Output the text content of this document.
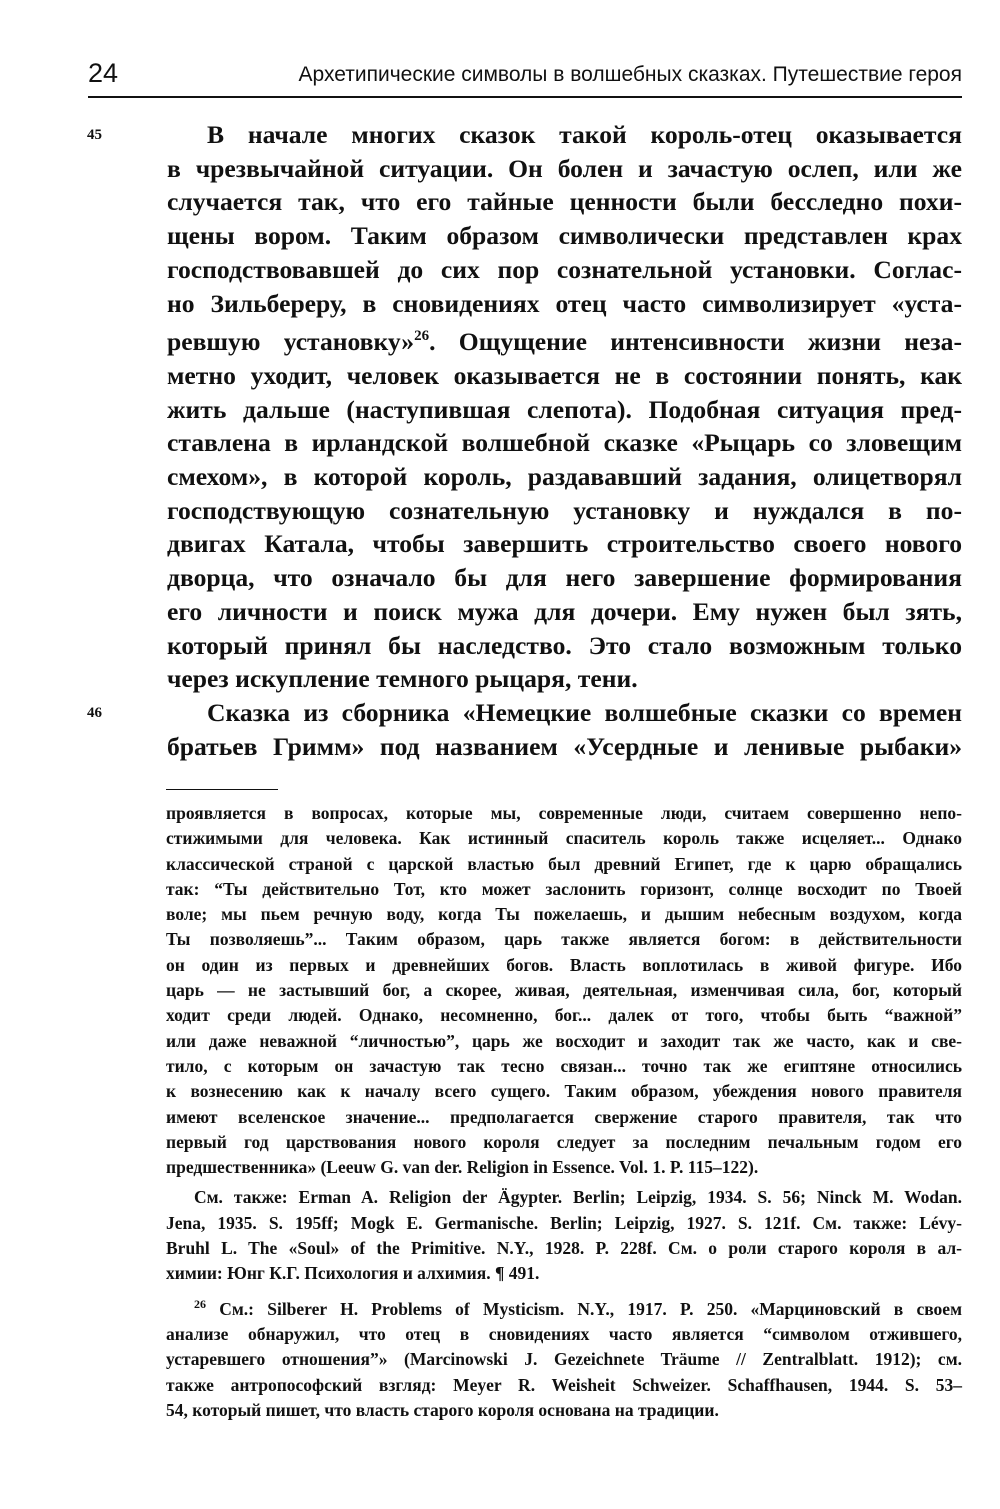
24	Архетипические символы в волшебных сказках. Путешествие героя
45	В начале многих сказок такой король-отец оказывается
в чрезвычайной ситуации. Он болен и зачастую ослеп, или же
случается так, что его тайные ценности были бесследно похи-
щены вором. Таким образом символически представлен крах
господствовавшей до сих пор сознательной установки. Соглас-
но Зильбереру, в сновидениях отец часто символизирует «уста-
ревшую установку»$^{26}$. Ощущение интенсивности жизни неза-
метно уходит, человек оказывается не в состоянии понять, как
жить дальше (наступившая слепота). Подобная ситуация пред-
ставлена в ирландской волшебной сказке «Рыцарь со зловещим
смехом», в которой король, раздававший задания, олицетворял
господствующую сознательную установку и нуждался в по-
двигах Катала, чтобы завершить строительство своего нового
дворца, что означало бы для него завершение формирования
его личности и поиск мужа для дочери. Ему нужен был зять,
который принял бы наследство. Это стало возможным только
через искупление темного рыцаря, тени.
46	Сказка из сборника «Немецкие волшебные сказки со времен
братьев Гримм» под названием «Усердные и ленивые рыбаки»
проявляется в вопросах, которые мы, современные люди, считаем совершенно непо-
стижимыми для человека. Как истинный спаситель король также исцеляет... Однако
классической страной с царской властью был древний Египет, где к царю обращались
так: “Ты действительно Тот, кто может заслонить горизонт, солнце восходит по Твоей
воле; мы пьем речную воду, когда Ты пожелаешь, и дышим небесным воздухом, когда
Ты позволяешь”... Таким образом, царь также является богом: в действительности
он один из первых и древнейших богов. Власть воплотилась в живой фигуре. Ибо
царь — не застывший бог, а скорее, живая, деятельная, изменчивая сила, бог, который
ходит среди людей. Однако, несомненно, бог... далек от того, чтобы быть “важной”
или даже неважной “личностью”, царь же восходит и заходит так же часто, как и све-
тило, с которым он зачастую так тесно связан... точно так же египтяне относились
к вознесению как к началу всего сущего. Таким образом, убеждения нового правителя
имеют вселенское значение... предполагается свержение старого правителя, так что
первый год царствования нового короля следует за последним печальным годом его
предшественника» (Leeuw G. van der. Religion in Essence. Vol. 1. P. 115–122).
См. также: Erman A. Religion der Ägypter. Berlin; Leipzig, 1934. S. 56; Ninck M. Wodan.
Jena, 1935. S. 195ff; Mogk E. Germanische. Berlin; Leipzig, 1927. S. 121f. См. также: Lévy-
Bruhl L. The «Soul» of the Primitive. N.Y., 1928. P. 228f. См. о роли старого короля в ал-
химии: Юнг К.Г. Психология и алхимия. ¶ 491.
$^{26}$ См.: Silberer H. Problems of Mysticism. N.Y., 1917. P. 250. «Марциновский в своем
анализе обнаружил, что отец в сновидениях часто является “символом отжившего,
устаревшего отношения”» (Marcinowski J. Gezeichnete Träume // Zentralblatt. 1912); см.
также антропософский взгляд: Meyer R. Weisheit Schweizer. Schaffhausen, 1944. S. 53–
54, который пишет, что власть старого короля основана на традиции.
